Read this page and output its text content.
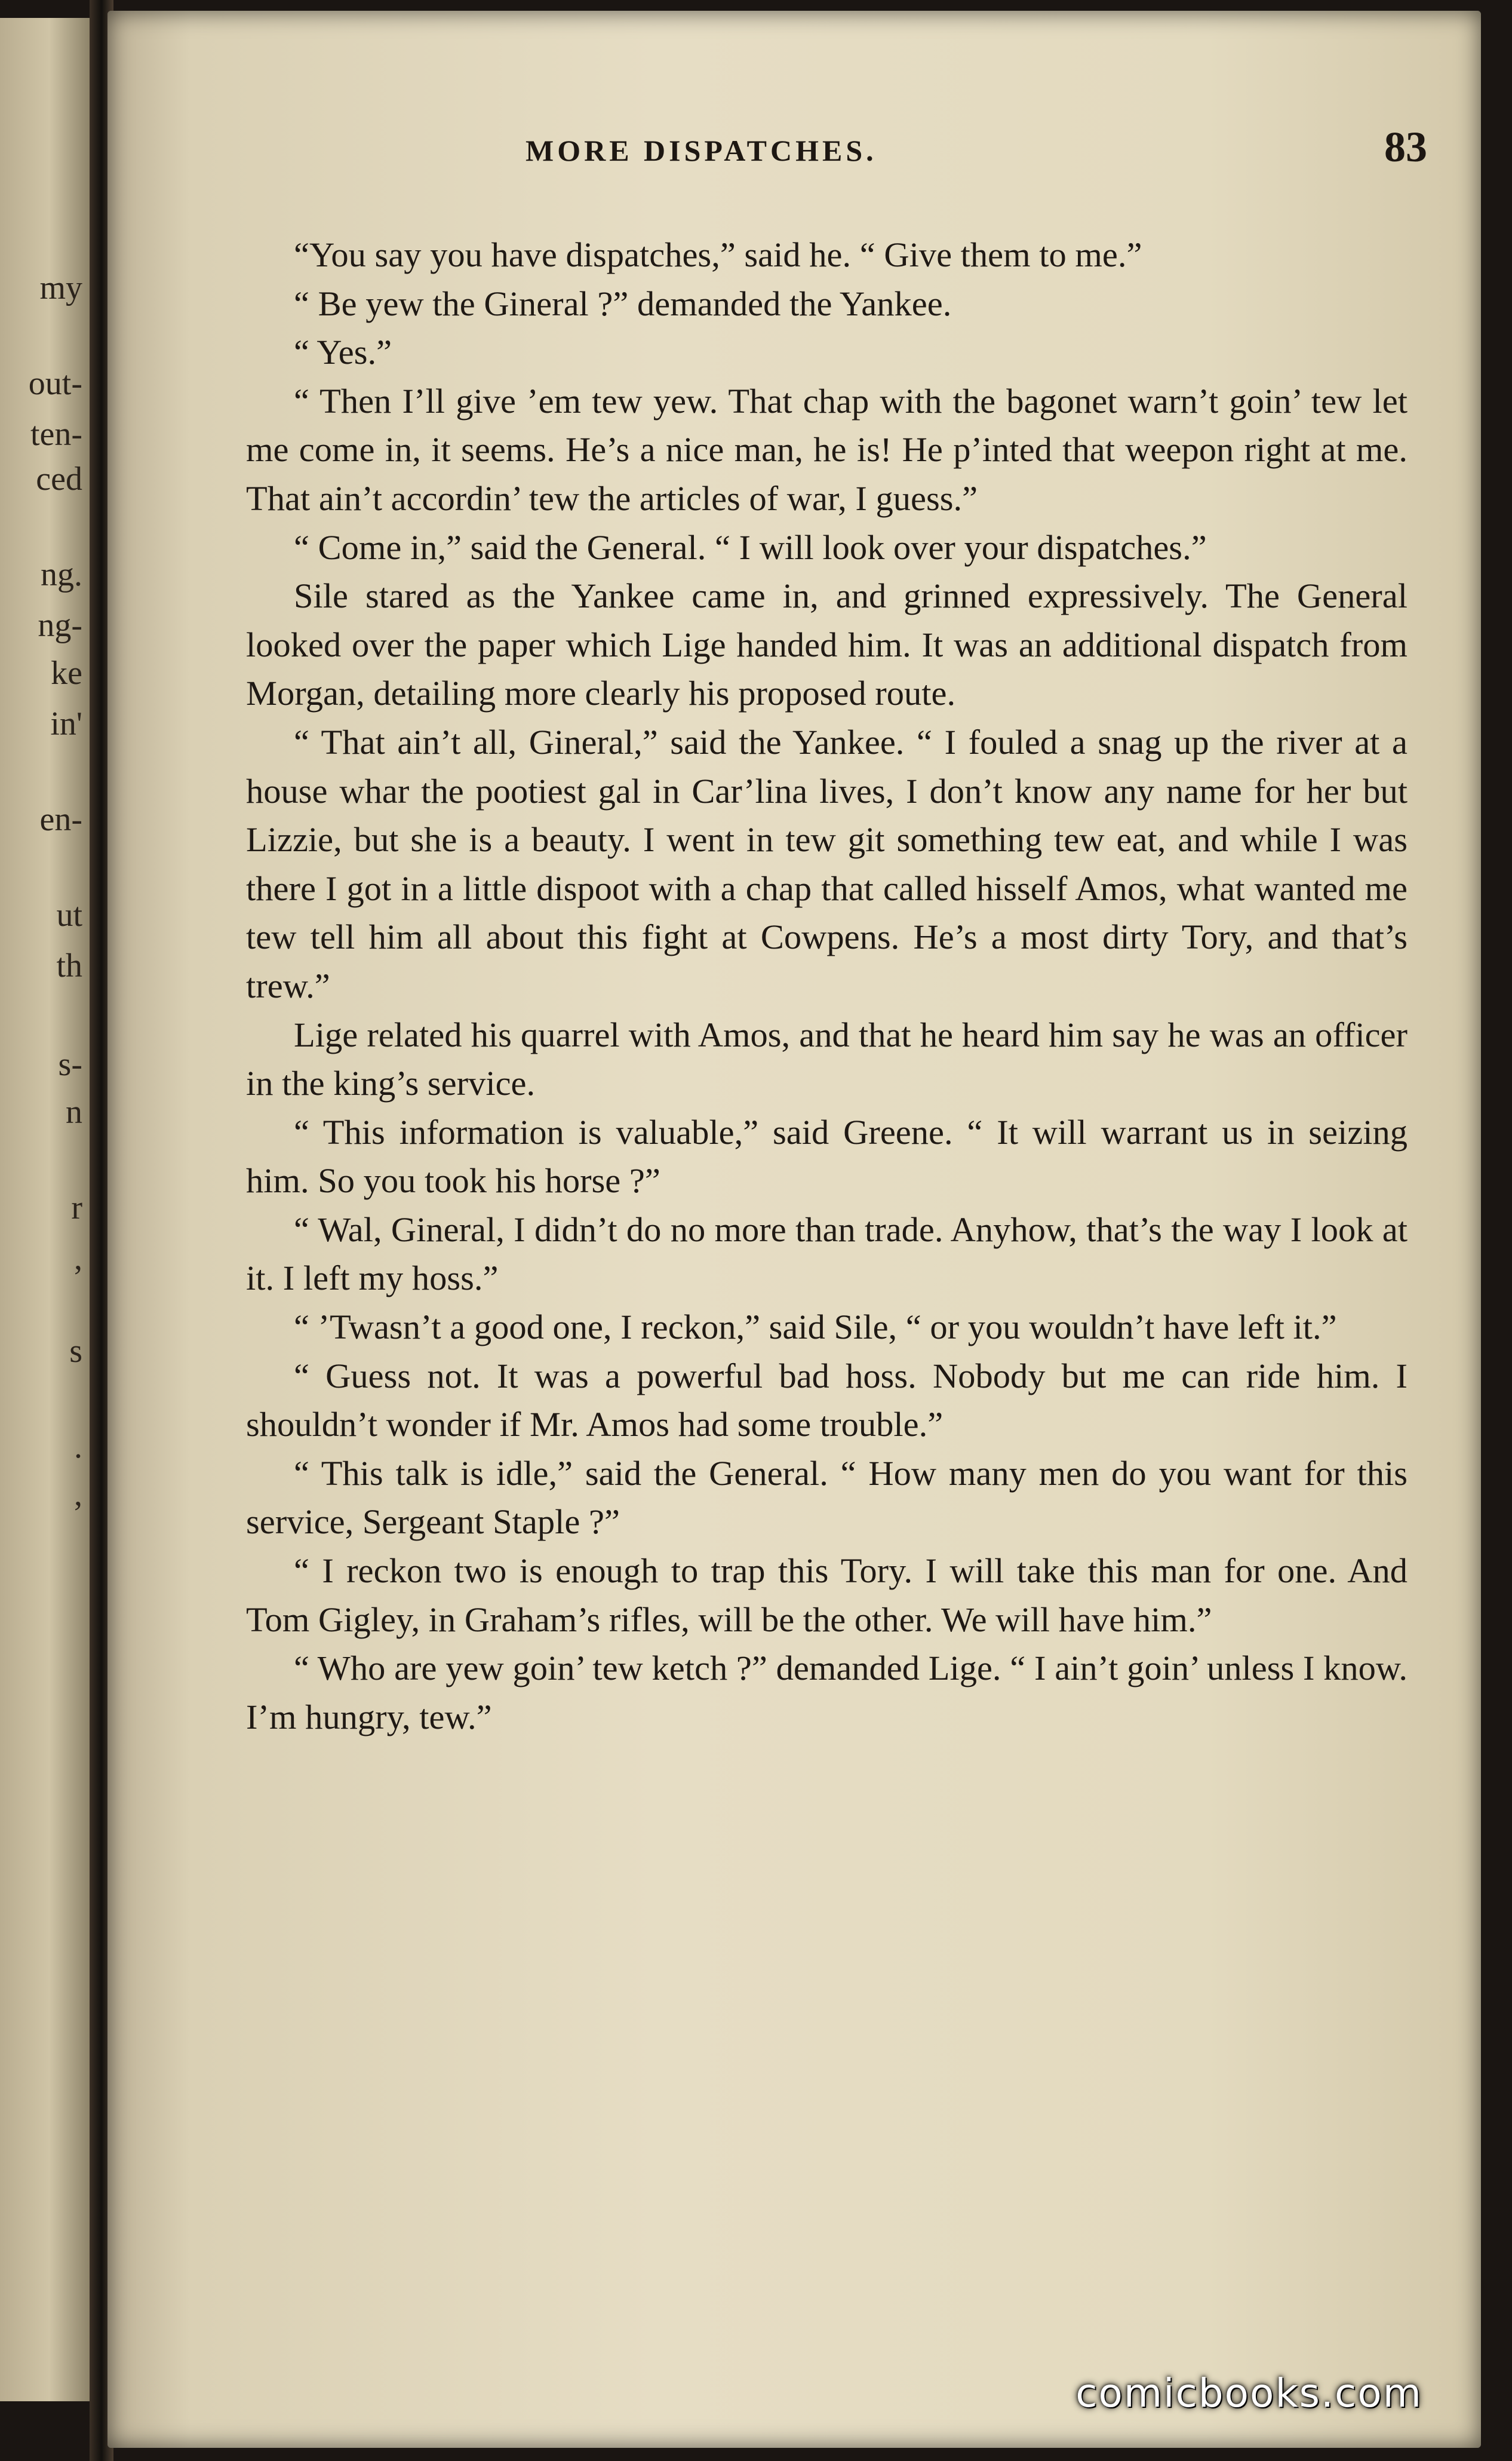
my
out-
ten-
ced
ng.
ng-
ke
in'
en-
ut
th
s-
n
r
,
s
.
,
MORE DISPATCHES.	83

“You say you have dispatches,” said he. “ Give them to me.”

“ Be yew the Gineral ?” demanded the Yankee.

“ Yes.”

“ Then I’ll give ’em tew yew. That chap with the bagonet warn’t goin’ tew let me come in, it seems. He’s a nice man, he is! He p’inted that weepon right at me. That ain’t accordin’ tew the articles of war, I guess.”

“ Come in,” said the General. “ I will look over your dispatches.”

Sile stared as the Yankee came in, and grinned expressively. The General looked over the paper which Lige handed him. It was an additional dispatch from Morgan, detailing more clearly his proposed route.

“ That ain’t all, Gineral,” said the Yankee. “ I fouled a snag up the river at a house whar the pootiest gal in Car’lina lives, I don’t know any name for her but Lizzie, but she is a beauty. I went in tew git something tew eat, and while I was there I got in a little dispoot with a chap that called hisself Amos, what wanted me tew tell him all about this fight at Cowpens. He’s a most dirty Tory, and that’s trew.”

Lige related his quarrel with Amos, and that he heard him say he was an officer in the king’s service.

“ This information is valuable,” said Greene. “ It will warrant us in seizing him. So you took his horse ?”

“ Wal, Gineral, I didn’t do no more than trade. Anyhow, that’s the way I look at it. I left my hoss.”

“ ’Twasn’t a good one, I reckon,” said Sile, “ or you wouldn’t have left it.”

“ Guess not. It was a powerful bad hoss. Nobody but me can ride him. I shouldn’t wonder if Mr. Amos had some trouble.”

“ This talk is idle,” said the General. “ How many men do you want for this service, Sergeant Staple ?”

“ I reckon two is enough to trap this Tory. I will take this man for one. And Tom Gigley, in Graham’s rifles, will be the other. We will have him.”

“ Who are yew goin’ tew ketch ?” demanded Lige. “ I ain’t goin’ unless I know. I’m hungry, tew.”

comicbooks.com
